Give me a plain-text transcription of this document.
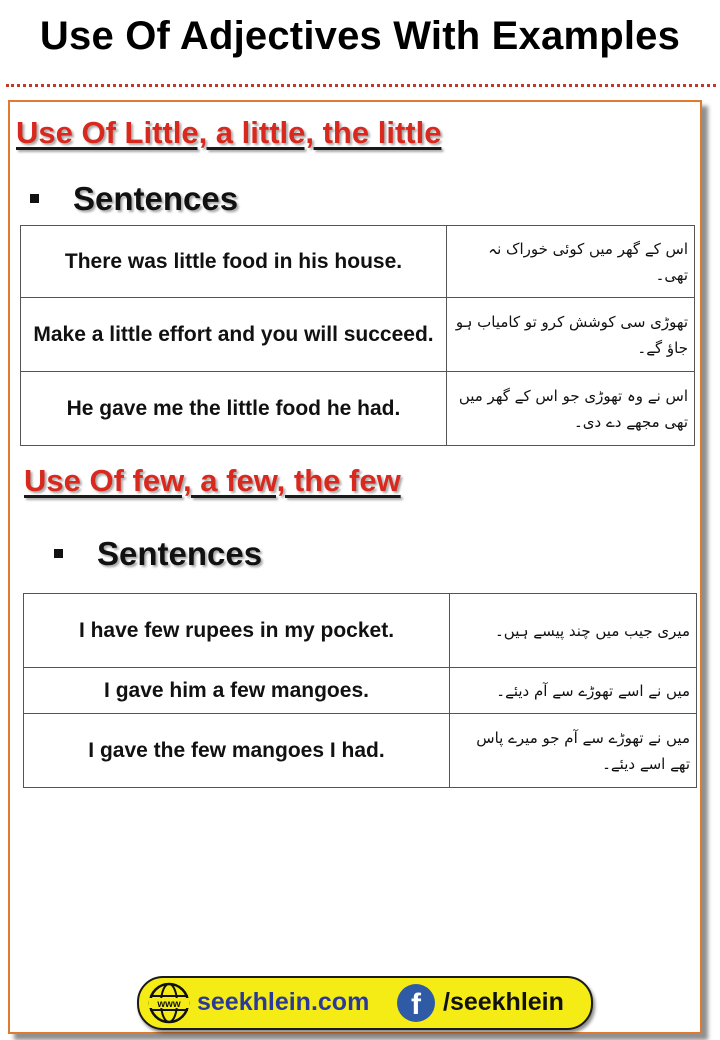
Use Of Adjectives With Examples
Use Of Little, a little, the little
Sentences
There was little food in his house.	اس کے گھر میں کوئی خوراک نہ تھی۔
Make a little effort and you will succeed.	تھوڑی سی کوشش کرو تو کامیاب ہو جاؤ گے۔
He gave me the little food he had.	اس نے وہ تھوڑی جو اس کے گھر میں تھی مجھے دے دی۔
Use Of few, a few, the few
Sentences
I have few rupees in my pocket.	میری جیب میں چند پیسے ہیں۔
I gave him a few mangoes.	میں نے اسے تھوڑے سے آم دیئے۔
I gave the few mangoes I had.	میں نے تھوڑے سے آم جو میرے پاس تھے اسے دیئے۔
www seekhlein.com	f /seekhlein
